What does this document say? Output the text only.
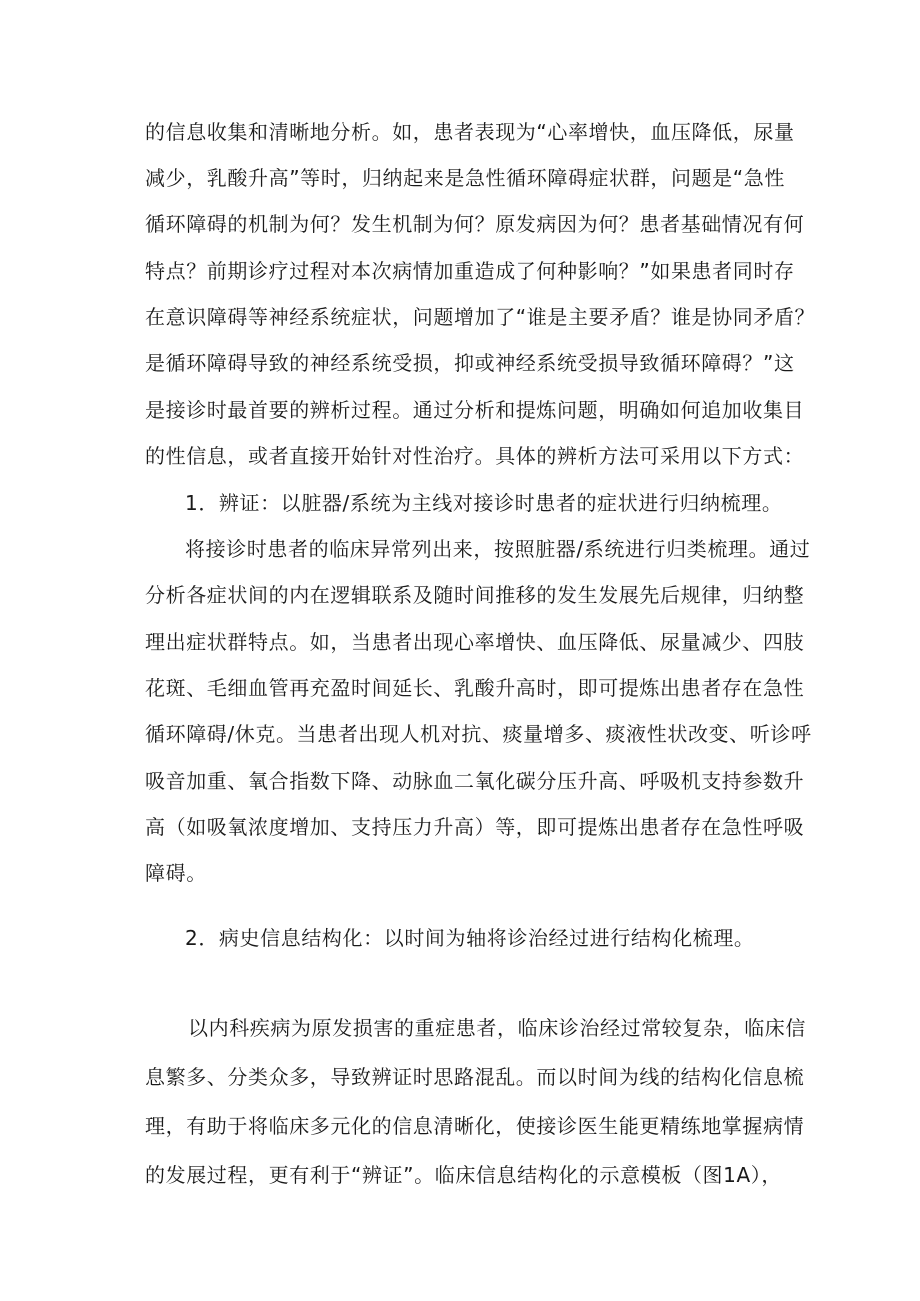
的信息收集和清晰地分析。如，患者表现为“心率增快，血压降低，尿量
减少，乳酸升高”等时，归纳起来是急性循环障碍症状群，问题是“急性
循环障碍的机制为何？发生机制为何？原发病因为何？患者基础情况有何
特点？前期诊疗过程对本次病情加重造成了何种影响？”如果患者同时存
在意识障碍等神经系统症状，问题增加了“谁是主要矛盾？谁是协同矛盾？
是循环障碍导致的神经系统受损，抑或神经系统受损导致循环障碍？”这
是接诊时最首要的辨析过程。通过分析和提炼问题，明确如何追加收集目
的性信息，或者直接开始针对性治疗。具体的辨析方法可采用以下方式：
1．辨证：以脏器/系统为主线对接诊时患者的症状进行归纳梳理。
将接诊时患者的临床异常列出来，按照脏器/系统进行归类梳理。通过
分析各症状间的内在逻辑联系及随时间推移的发生发展先后规律，归纳整
理出症状群特点。如，当患者出现心率增快、血压降低、尿量减少、四肢
花斑、毛细血管再充盈时间延长、乳酸升高时，即可提炼出患者存在急性
循环障碍/休克。当患者出现人机对抗、痰量增多、痰液性状改变、听诊呼
吸音加重、氧合指数下降、动脉血二氧化碳分压升高、呼吸机支持参数升
高（如吸氧浓度增加、支持压力升高）等，即可提炼出患者存在急性呼吸
障碍。
2．病史信息结构化：以时间为轴将诊治经过进行结构化梳理。
以内科疾病为原发损害的重症患者，临床诊治经过常较复杂，临床信
息繁多、分类众多，导致辨证时思路混乱。而以时间为线的结构化信息梳
理，有助于将临床多元化的信息清晰化，使接诊医生能更精练地掌握病情
的发展过程，更有利于“辨证”。临床信息结构化的示意模板（图1A），
